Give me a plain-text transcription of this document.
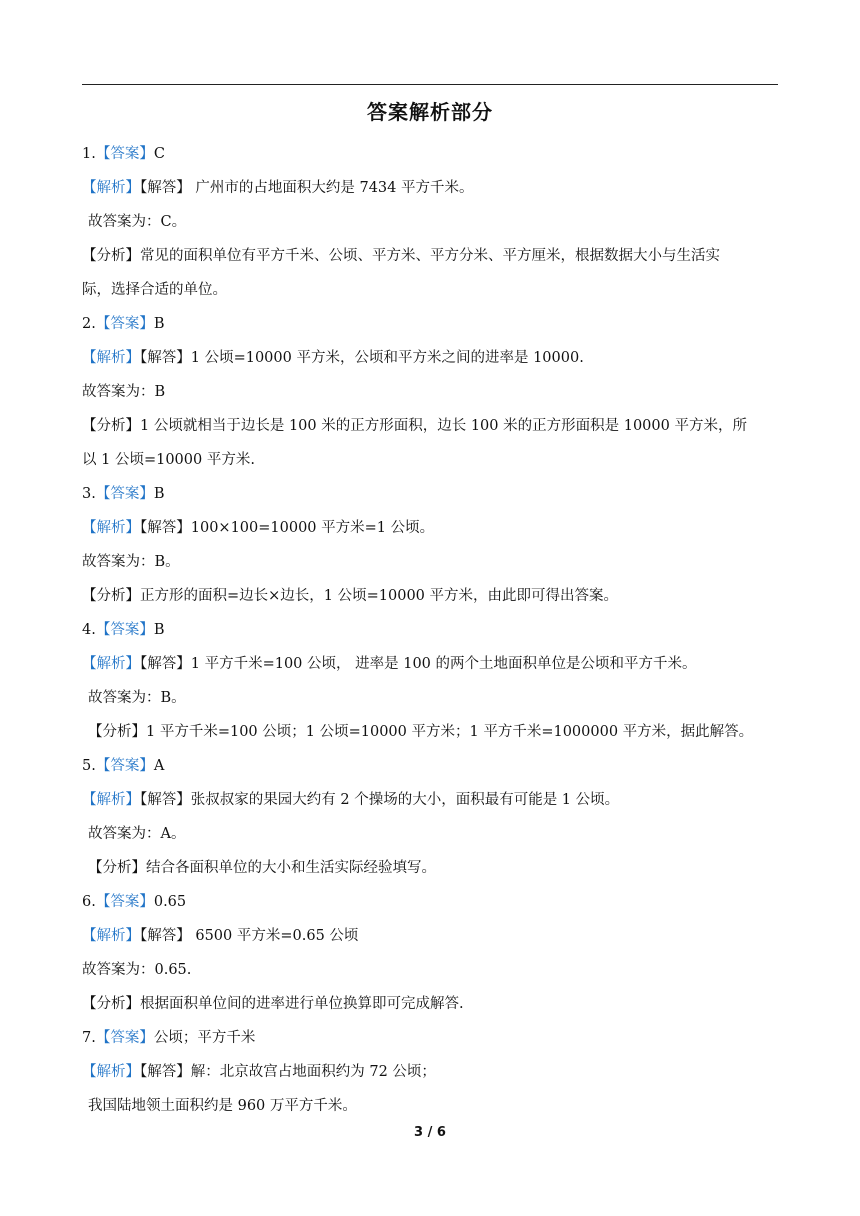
答案解析部分
1.【答案】C
【解析】【解答】 广州市的占地面积大约是 7434 平方千米。
故答案为：C。
【分析】常见的面积单位有平方千米、公顷、平方米、平方分米、平方厘米，根据数据大小与生活实
际，选择合适的单位。
2.【答案】B
【解析】【解答】1 公顷=10000 平方米，公顷和平方米之间的进率是 10000.
故答案为：B
【分析】1 公顷就相当于边长是 100 米的正方形面积，边长 100 米的正方形面积是 10000 平方米，所
以 1 公顷=10000 平方米.
3.【答案】B
【解析】【解答】100×100=10000 平方米=1 公顷。
故答案为：B。
【分析】正方形的面积=边长×边长，1 公顷=10000 平方米，由此即可得出答案。
4.【答案】B
【解析】【解答】1 平方千米=100 公顷， 进率是 100 的两个土地面积单位是公顷和平方千米。
故答案为：B。
【分析】1 平方千米=100 公顷；1 公顷=10000 平方米；1 平方千米=1000000 平方米，据此解答。
5.【答案】A
【解析】【解答】张叔叔家的果园大约有 2 个操场的大小，面积最有可能是 1 公顷。
故答案为：A。
【分析】结合各面积单位的大小和生活实际经验填写。
6.【答案】0.65
【解析】【解答】 6500 平方米=0.65 公顷
故答案为：0.65.
【分析】根据面积单位间的进率进行单位换算即可完成解答.
7.【答案】公顷；平方千米
【解析】【解答】解：北京故宫占地面积约为 72 公顷；
我国陆地领土面积约是 960 万平方千米。
3 / 6
